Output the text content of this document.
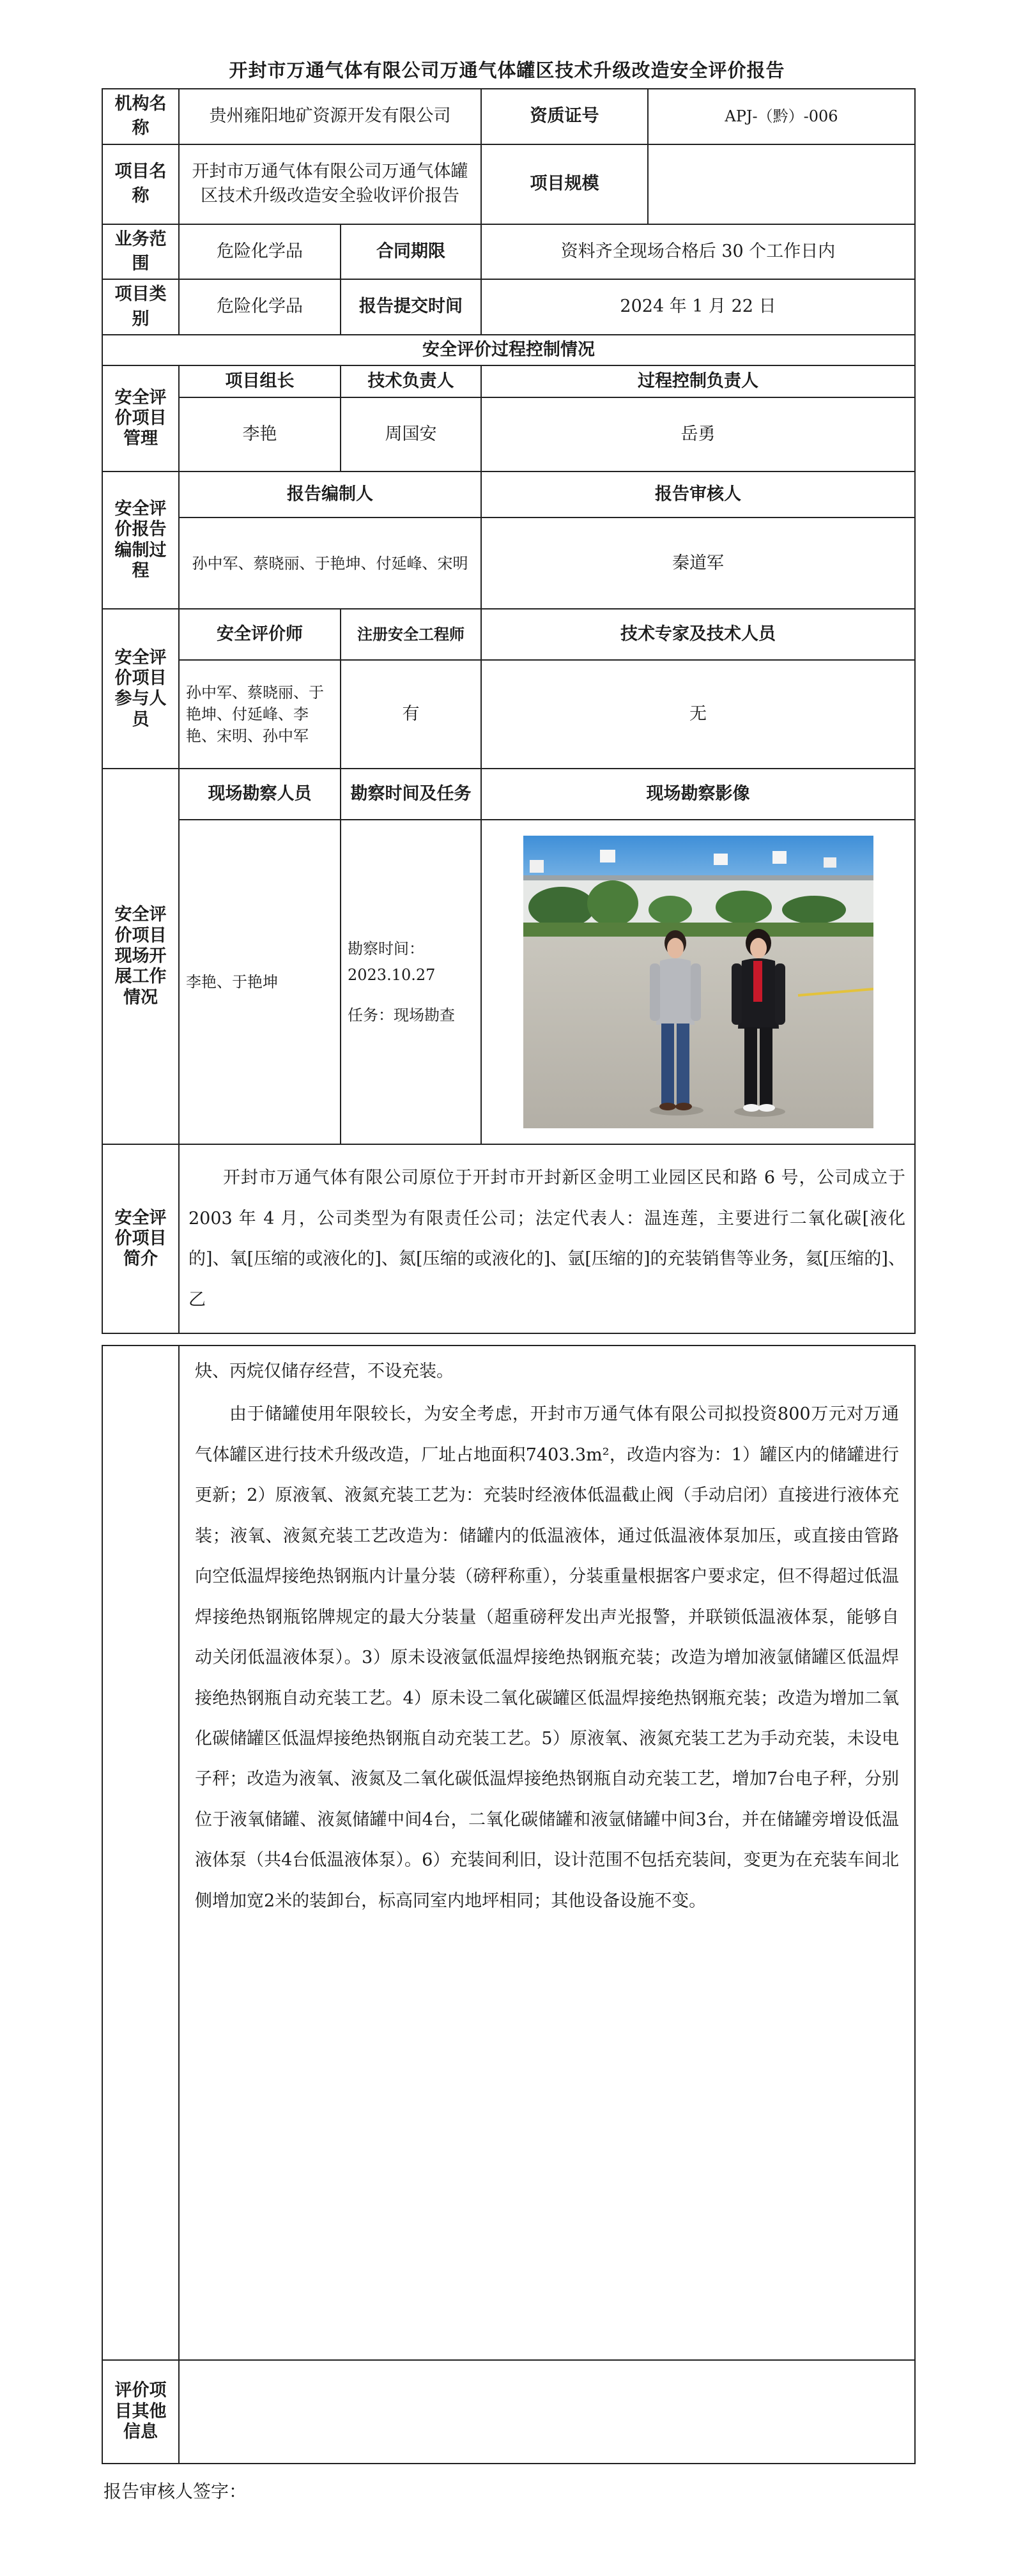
开封市万通气体有限公司万通气体罐区技术升级改造安全评价报告
机构名称	贵州雍阳地矿资源开发有限公司		资质证号	APJ-（黔）-006
项目名称	开封市万通气体有限公司万通气体罐区技术升级改造安全验收评价报告		项目规模	
业务范围	危险化学品	合同期限	资料齐全现场合格后 30 个工作日内	
项目类别	危险化学品	报告提交时间	2024 年 1 月 22 日	
安全评价过程控制情况				
安全评价项目管理	项目组长	技术负责人	过程控制负责人	
	李艳	周国安	岳勇	
安全评价报告编制过程	报告编制人		报告审核人	
	孙中军、蔡晓丽、于艳坤、付延峰、宋明		秦道军	
安全评价项目参与人员	安全评价师	注册安全工程师	技术专家及技术人员	
	孙中军、蔡晓丽、于艳坤、付延峰、李艳、宋明、孙中军	有	无	
安全评价项目现场开展工作情况	现场勘察人员	勘察时间及任务	现场勘察影像	
	李艳、于艳坤	勘察时间：
2023.10.27
任务：现场勘查

安全评价项目简介	开封市万通气体有限公司原位于开封市开封新区金明工业园区民和路 6 号，公司成立于 2003 年 4 月，公司类型为有限责任公司；法定代表人：温连莲，主要进行二氧化碳[液化的]、氧[压缩的或液化的]、氮[压缩的或液化的]、氩[压缩的]的充装销售等业务，氦[压缩的]、乙			

	炔、丙烷仅储存经营，不设充装。
由于储罐使用年限较长，为安全考虑，开封市万通气体有限公司拟投资800万元对万通气体罐区进行技术升级改造，厂址占地面积7403.3m²，改造内容为：1）罐区内的储罐进行更新；2）原液氧、液氮充装工艺为：充装时经液体低温截止阀（手动启闭）直接进行液体充装；液氧、液氮充装工艺改造为：储罐内的低温液体，通过低温液体泵加压，或直接由管路向空低温焊接绝热钢瓶内计量分装（磅秤称重），分装重量根据客户要求定，但不得超过低温焊接绝热钢瓶铭牌规定的最大分装量（超重磅秤发出声光报警，并联锁低温液体泵，能够自动关闭低温液体泵）。3）原未设液氩低温焊接绝热钢瓶充装；改造为增加液氩储罐区低温焊接绝热钢瓶自动充装工艺。4）原未设二氧化碳罐区低温焊接绝热钢瓶充装；改造为增加二氧化碳储罐区低温焊接绝热钢瓶自动充装工艺。5）原液氧、液氮充装工艺为手动充装，未设电子秤；改造为液氧、液氮及二氧化碳低温焊接绝热钢瓶自动充装工艺，增加7台电子秤，分别位于液氧储罐、液氮储罐中间4台，二氧化碳储罐和液氩储罐中间3台，并在储罐旁增设低温液体泵（共4台低温液体泵）。6）充装间利旧，设计范围不包括充装间，变更为在充装车间北侧增加宽2米的装卸台，标高同室内地坪相同；其他设备设施不变。

评价项目其他信息	
报告审核人签字：
